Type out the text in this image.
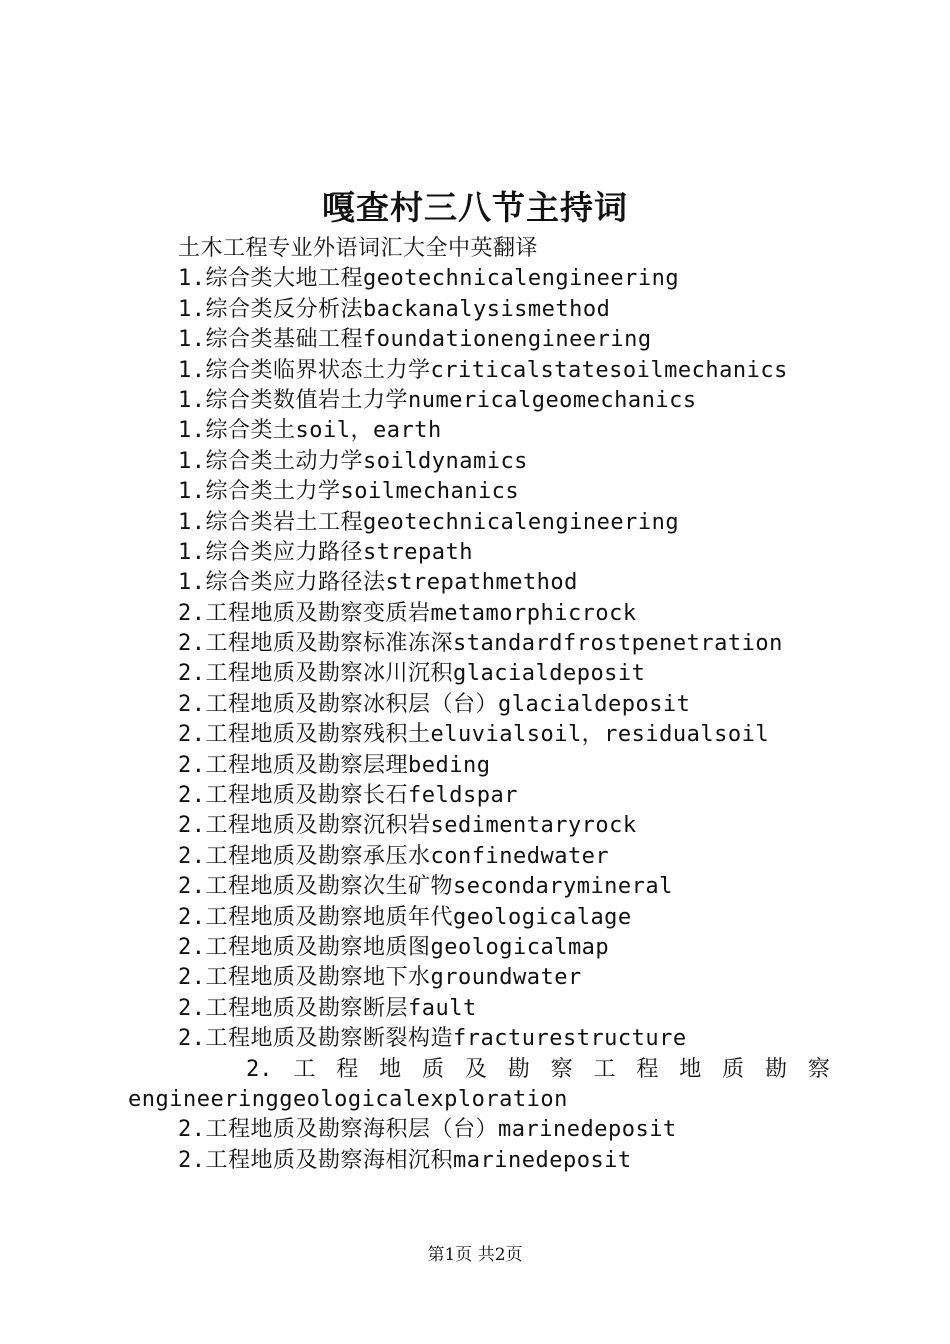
嘎查村三八节主持词
土木工程专业外语词汇大全中英翻译
1.综合类大地工程geotechnicalengineering
1.综合类反分析法backanalysismethod
1.综合类基础工程foundationengineering
1.综合类临界状态土力学criticalstatesoilmechanics
1.综合类数值岩土力学numericalgeomechanics
1.综合类土soil，earth
1.综合类土动力学soildynamics
1.综合类土力学soilmechanics
1.综合类岩土工程geotechnicalengineering
1.综合类应力路径strepath
1.综合类应力路径法strepathmethod
2.工程地质及勘察变质岩metamorphicrock
2.工程地质及勘察标准冻深standardfrostpenetration
2.工程地质及勘察冰川沉积glacialdeposit
2.工程地质及勘察冰积层（台）glacialdeposit
2.工程地质及勘察残积土eluvialsoil，residualsoil
2.工程地质及勘察层理beding
2.工程地质及勘察长石feldspar
2.工程地质及勘察沉积岩sedimentaryrock
2.工程地质及勘察承压水confinedwater
2.工程地质及勘察次生矿物secondarymineral
2.工程地质及勘察地质年代geologicalage
2.工程地质及勘察地质图geologicalmap
2.工程地质及勘察地下水groundwater
2.工程地质及勘察断层fault
2.工程地质及勘察断裂构造fracturestructure
2. 工 程 地 质 及 勘 察 工 程 地 质 勘 察
engineeringgeologicalexploration
2.工程地质及勘察海积层（台）marinedeposit
2.工程地质及勘察海相沉积marinedeposit
第1页 共2页
